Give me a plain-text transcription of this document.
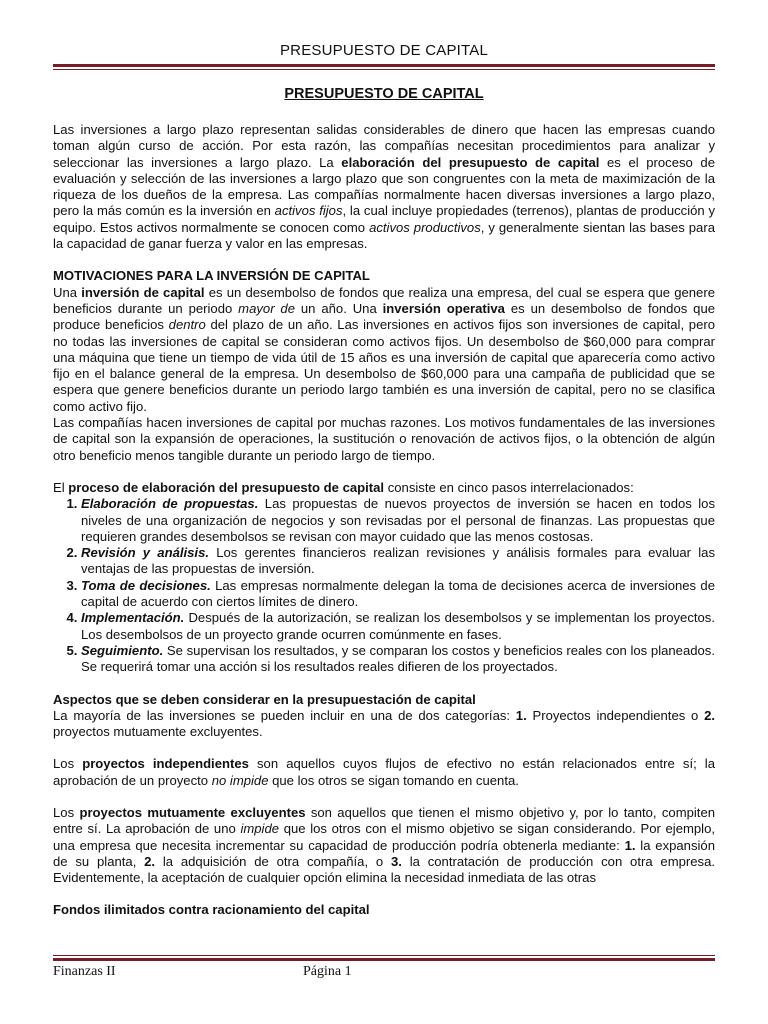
PRESUPUESTO DE CAPITAL
PRESUPUESTO DE CAPITAL

Las inversiones a largo plazo representan salidas considerables de dinero que hacen las empresas cuando toman algún curso de acción. Por esta razón, las compañías necesitan procedimientos para analizar y seleccionar las inversiones a largo plazo. La elaboración del presupuesto de capital es el proceso de evaluación y selección de las inversiones a largo plazo que son congruentes con la meta de maximización de la riqueza de los dueños de la empresa. Las compañías normalmente hacen diversas inversiones a largo plazo, pero la más común es la inversión en activos fijos, la cual incluye propiedades (terrenos), plantas de producción y equipo. Estos activos normalmente se conocen como activos productivos, y generalmente sientan las bases para la capacidad de ganar fuerza y valor en las empresas.

MOTIVACIONES PARA LA INVERSIÓN DE CAPITAL

Una inversión de capital es un desembolso de fondos que realiza una empresa, del cual se espera que genere beneficios durante un periodo mayor de un año. Una inversión operativa es un desembolso de fondos que produce beneficios dentro del plazo de un año. Las inversiones en activos fijos son inversiones de capital, pero no todas las inversiones de capital se consideran como activos fijos. Un desembolso de $60,000 para comprar una máquina que tiene un tiempo de vida útil de 15 años es una inversión de capital que aparecería como activo fijo en el balance general de la empresa. Un desembolso de $60,000 para una campaña de publicidad que se espera que genere beneficios durante un periodo largo también es una inversión de capital, pero no se clasifica como activo fijo.

Las compañías hacen inversiones de capital por muchas razones. Los motivos fundamentales de las inversiones de capital son la expansión de operaciones, la sustitución o renovación de activos fijos, o la obtención de algún otro beneficio menos tangible durante un periodo largo de tiempo.

El proceso de elaboración del presupuesto de capital consiste en cinco pasos interrelacionados:

1. Elaboración de propuestas. Las propuestas de nuevos proyectos de inversión se hacen en todos los niveles de una organización de negocios y son revisadas por el personal de finanzas. Las propuestas que requieren grandes desembolsos se revisan con mayor cuidado que las menos costosas.
2. Revisión y análisis. Los gerentes financieros realizan revisiones y análisis formales para evaluar las ventajas de las propuestas de inversión.
3. Toma de decisiones. Las empresas normalmente delegan la toma de decisiones acerca de inversiones de capital de acuerdo con ciertos límites de dinero.
4. Implementación. Después de la autorización, se realizan los desembolsos y se implementan los proyectos. Los desembolsos de un proyecto grande ocurren comúnmente en fases.
5. Seguimiento. Se supervisan los resultados, y se comparan los costos y beneficios reales con los planeados. Se requerirá tomar una acción si los resultados reales difieren de los proyectados.

Aspectos que se deben considerar en la presupuestación de capital

La mayoría de las inversiones se pueden incluir en una de dos categorías: 1. Proyectos independientes o 2. proyectos mutuamente excluyentes.

Los proyectos independientes son aquellos cuyos flujos de efectivo no están relacionados entre sí; la aprobación de un proyecto no impide que los otros se sigan tomando en cuenta.

Los proyectos mutuamente excluyentes son aquellos que tienen el mismo objetivo y, por lo tanto, compiten entre sí. La aprobación de uno impide que los otros con el mismo objetivo se sigan considerando. Por ejemplo, una empresa que necesita incrementar su capacidad de producción podría obtenerla mediante: 1. la expansión de su planta, 2. la adquisición de otra compañía, o 3. la contratación de producción con otra empresa. Evidentemente, la aceptación de cualquier opción elimina la necesidad inmediata de las otras

Fondos ilimitados contra racionamiento del capital

Finanzas II	Página 1
